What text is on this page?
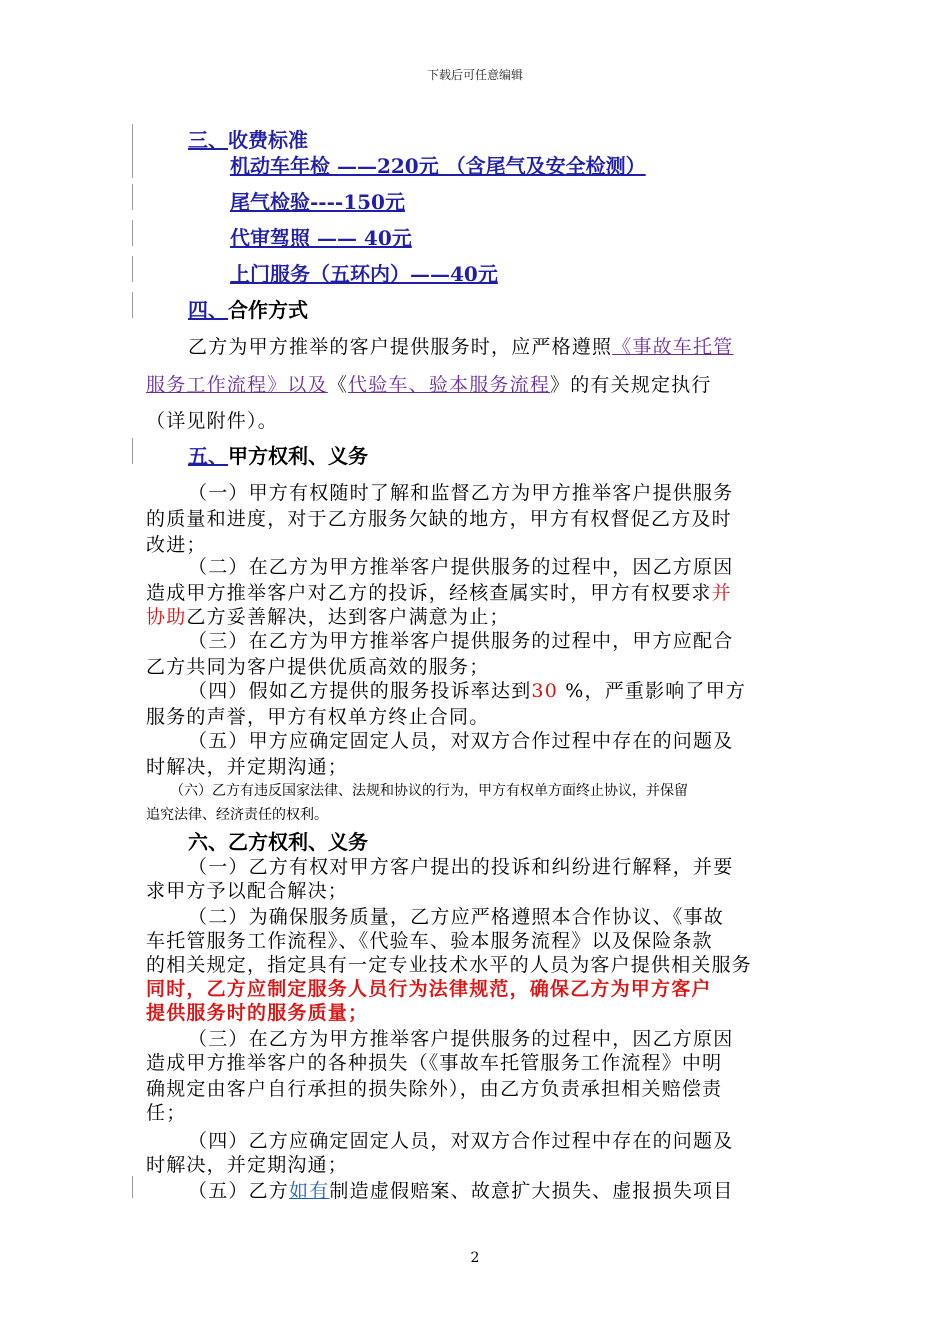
下载后可任意编辑
三、收费标准
机动车年检 ——220元 （含尾气及安全检测）
尾气检验----150元
代审驾照 —— 40元
上门服务（五环内）——40元
四、合作方式
乙方为甲方推举的客户提供服务时，应严格遵照《事故车托管
服务工作流程》以及《代验车、验本服务流程》的有关规定执行
（详见附件）。
五、甲方权利、义务
（一）甲方有权随时了解和监督乙方为甲方推举客户提供服务
的质量和进度，对于乙方服务欠缺的地方，甲方有权督促乙方及时
改进；
（二）在乙方为甲方推举客户提供服务的过程中，因乙方原因
造成甲方推举客户对乙方的投诉，经核查属实时，甲方有权要求并
协助乙方妥善解决，达到客户满意为止；
（三）在乙方为甲方推举客户提供服务的过程中，甲方应配合
乙方共同为客户提供优质高效的服务；
（四）假如乙方提供的服务投诉率达到30 %，严重影响了甲方
服务的声誉，甲方有权单方终止合同。
（五）甲方应确定固定人员，对双方合作过程中存在的问题及
时解决，并定期沟通；
（六）乙方有违反国家法律、法规和协议的行为，甲方有权单方面终止协议，并保留
追究法律、经济责任的权利。
六、乙方权利、义务
（一）乙方有权对甲方客户提出的投诉和纠纷进行解释，并要
求甲方予以配合解决；
（二）为确保服务质量，乙方应严格遵照本合作协议、《事故
车托管服务工作流程》、《代验车、验本服务流程》以及保险条款
的相关规定，指定具有一定专业技术水平的人员为客户提供相关服务
同时，乙方应制定服务人员行为法律规范，确保乙方为甲方客户
提供服务时的服务质量；
（三）在乙方为甲方推举客户提供服务的过程中，因乙方原因
造成甲方推举客户的各种损失（《事故车托管服务工作流程》中明
确规定由客户自行承担的损失除外），由乙方负责承担相关赔偿责
任；
（四）乙方应确定固定人员，对双方合作过程中存在的问题及
时解决，并定期沟通；
（五）乙方如有制造虚假赔案、故意扩大损失、虚报损失项目
2
